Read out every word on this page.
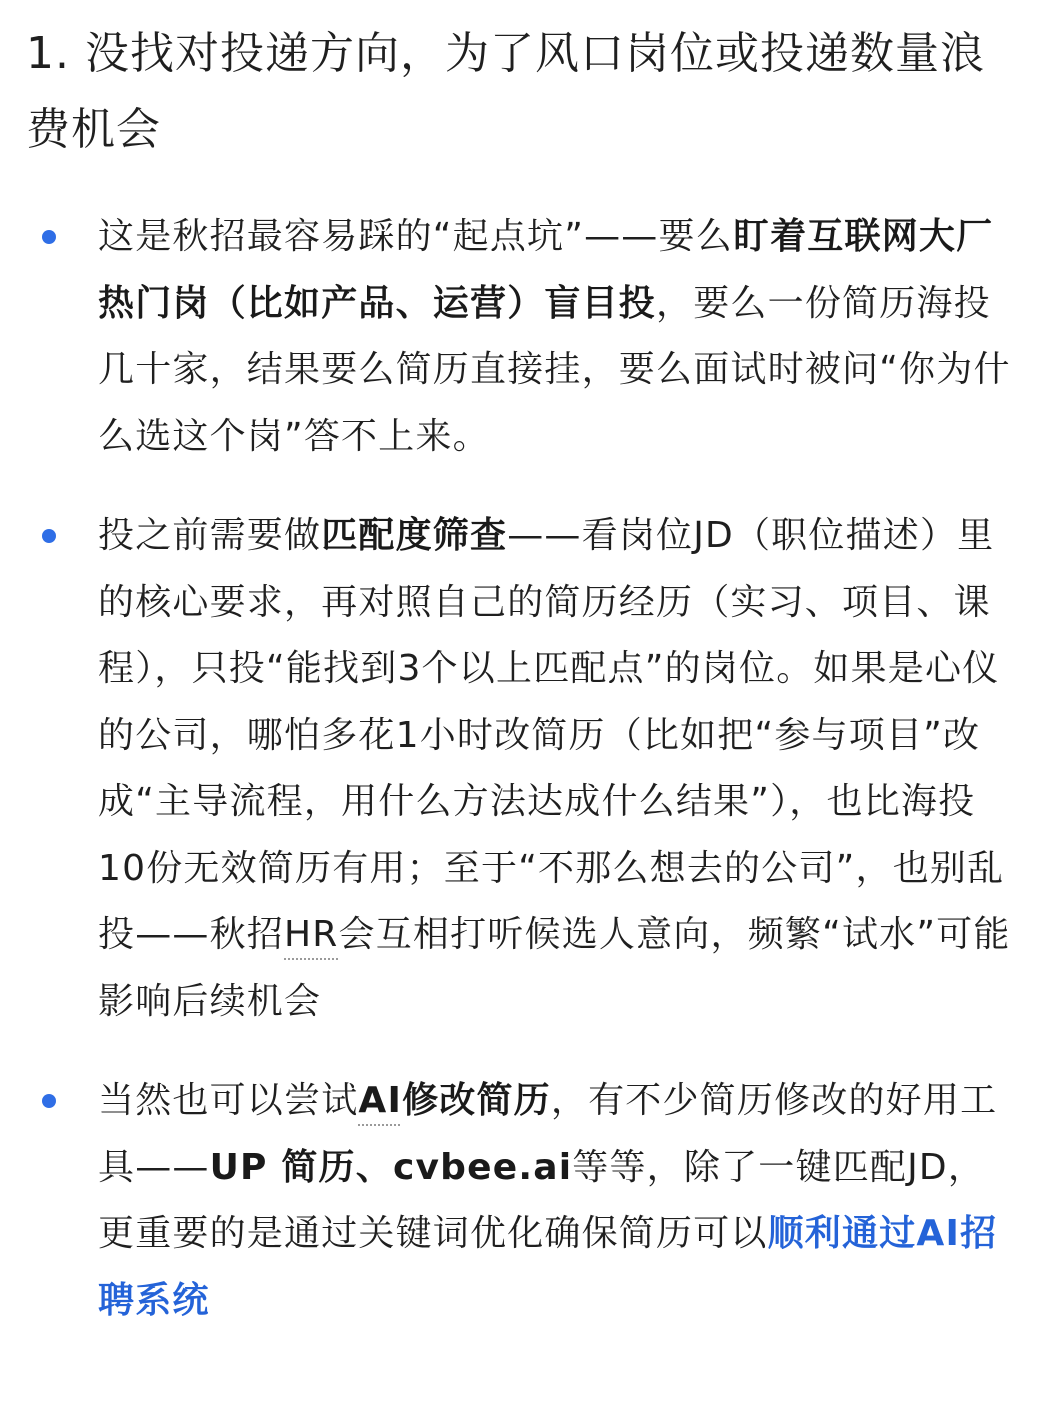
1. 没找对投递方向，为了风口岗位或投递数量浪费机会
这是秋招最容易踩的“起点坑”——要么盯着互联网大厂热门岗（比如产品、运营）盲目投，要么一份简历海投几十家，结果要么简历直接挂，要么面试时被问“你为什么选这个岗”答不上来。
投之前需要做匹配度筛查——看岗位JD（职位描述）里的核心要求，再对照自己的简历经历（实习、项目、课程），只投“能找到3个以上匹配点”的岗位。如果是心仪的公司，哪怕多花1小时改简历（比如把“参与项目”改成“主导流程，用什么方法达成什么结果”），也比海投10份无效简历有用；至于“不那么想去的公司”，也别乱投——秋招HR会互相打听候选人意向，频繁“试水”可能影响后续机会
当然也可以尝试AI修改简历，有不少简历修改的好用工具——UP 简历、cvbee.ai等等，除了一键匹配JD，更重要的是通过关键词优化确保简历可以顺利通过AI招聘系统
